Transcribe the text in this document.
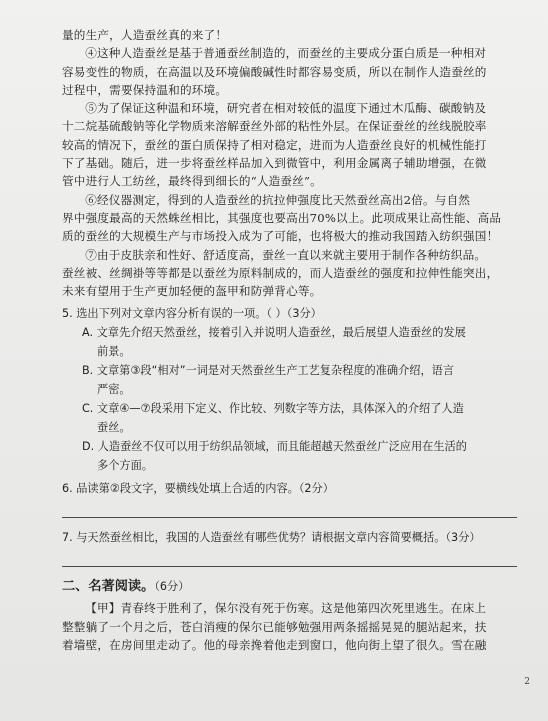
量的生产，人造蚕丝真的来了！

④这种人造蚕丝是基于普通蚕丝制造的，而蚕丝的主要成分蛋白质是一种相对

容易变性的物质，在高温以及环境偏酸碱性时都容易变质，所以在制作人造蚕丝的

过程中，需要保持温和的环境。

⑤为了保证这种温和环境，研究者在相对较低的温度下通过木瓜酶、碳酸钠及

十二烷基硫酸钠等化学物质来溶解蚕丝外部的粘性外层。在保证蚕丝的丝线脱胶率

较高的情况下，蚕丝的蛋白质保持了相对稳定，进而为人造蚕丝良好的机械性能打

下了基础。随后，进一步将蚕丝样品加入到微管中，利用金属离子辅助增强，在微

管中进行人工纺丝，最终得到细长的“人造蚕丝”。

⑥经仪器测定，得到的人造蚕丝的抗拉伸强度比天然蚕丝高出2倍。与自然

界中强度最高的天然蛛丝相比，其强度也要高出70%以上。此项成果让高性能、高品

质的蚕丝的大规模生产与市场投入成为了可能，也将极大的推动我国踏入纺织强国！

⑦由于皮肤亲和性好、舒适度高，蚕丝一直以来就主要用于制作各种纺织品。

蚕丝被、丝绸褂等等都是以蚕丝为原料制成的，而人造蚕丝的强度和拉伸性能突出，

未来有望用于生产更加轻便的盔甲和防弹背心等。

5. 选出下列对文章内容分析有误的一项。（ ）（3分）

A. 文章先介绍天然蚕丝，接着引入并说明人造蚕丝，最后展望人造蚕丝的发展

前景。

B. 文章第③段“相对”一词是对天然蚕丝生产工艺复杂程度的准确介绍，语言

严密。

C. 文章④—⑦段采用下定义、作比较、列数字等方法，具体深入的介绍了人造

蚕丝。

D. 人造蚕丝不仅可以用于纺织品领域，而且能超越天然蚕丝广泛应用在生活的

多个方面。

6. 品读第②段文字，要横线处填上合适的内容。（2分）

7. 与天然蚕丝相比，我国的人造蚕丝有哪些优势？请根据文章内容简要概括。（3分）

二、名著阅读。（6分）

【甲】青春终于胜利了，保尔没有死于伤寒。这是他第四次死里逃生。在床上

整整躺了一个月之后，苍白消瘦的保尔已能够勉强用两条摇摇晃晃的腿站起来，扶

着墙壁，在房间里走动了。他的母亲搀着他走到窗口，他向街上望了很久。雪在融

2
